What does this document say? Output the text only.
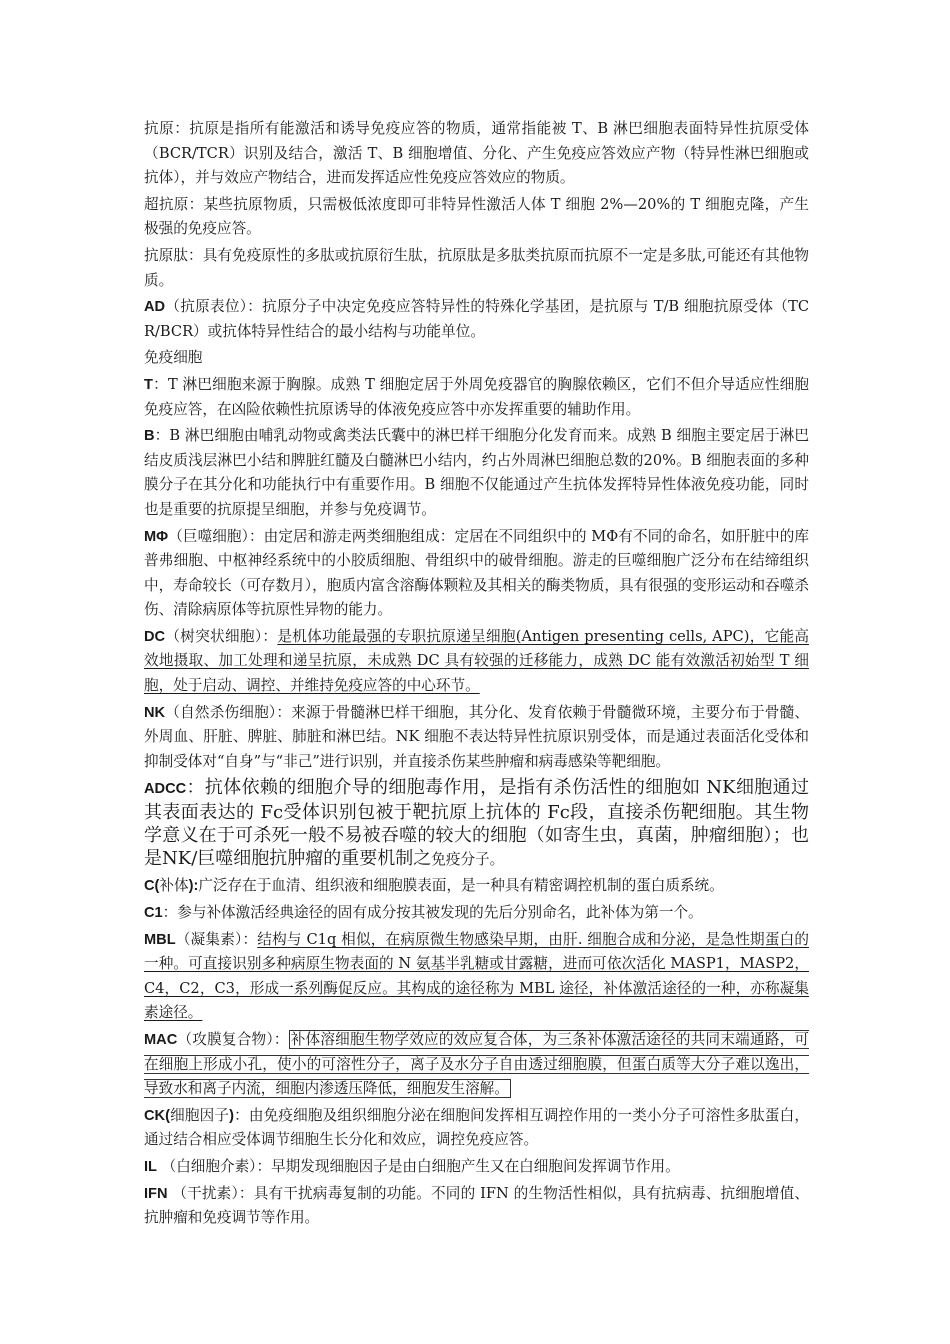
抗原：抗原是指所有能激活和诱导免疫应答的物质，通常指能被 T、B 淋巴细胞表面特异性抗原受体（BCR/TCR）识别及结合，激活 T、B 细胞增值、分化、产生免疫应答效应产物（特异性淋巴细胞或抗体），并与效应产物结合，进而发挥适应性免疫应答效应的物质。

超抗原：某些抗原物质，只需极低浓度即可非特异性激活人体 T 细胞 2%—20%的 T 细胞克隆，产生极强的免疫应答。

抗原肽：具有免疫原性的多肽或抗原衍生肽，抗原肽是多肽类抗原而抗原不一定是多肽,可能还有其他物质。

AD（抗原表位）：抗原分子中决定免疫应答特异性的特殊化学基团，是抗原与 T/B 细胞抗原受体（TCR/BCR）或抗体特异性结合的最小结构与功能单位。

免疫细胞

T：T 淋巴细胞来源于胸腺。成熟 T 细胞定居于外周免疫器官的胸腺依赖区，它们不但介导适应性细胞免疫应答，在凶险依赖性抗原诱导的体液免疫应答中亦发挥重要的辅助作用。

B：B 淋巴细胞由哺乳动物或禽类法氏囊中的淋巴样干细胞分化发育而来。成熟 B 细胞主要定居于淋巴结皮质浅层淋巴小结和脾脏红髓及白髓淋巴小结内，约占外周淋巴细胞总数的20%。B 细胞表面的多种膜分子在其分化和功能执行中有重要作用。B 细胞不仅能通过产生抗体发挥特异性体液免疫功能，同时也是重要的抗原提呈细胞，并参与免疫调节。

MΦ（巨噬细胞）：由定居和游走两类细胞组成：定居在不同组织中的 MΦ有不同的命名，如肝脏中的库普弗细胞、中枢神经系统中的小胶质细胞、骨组织中的破骨细胞。游走的巨噬细胞广泛分布在结缔组织中，寿命较长（可存数月），胞质内富含溶酶体颗粒及其相关的酶类物质，具有很强的变形运动和吞噬杀伤、清除病原体等抗原性异物的能力。

DC（树突状细胞）：是机体功能最强的专职抗原递呈细胞(Antigen presenting cells, APC)，它能高效地摄取、加工处理和递呈抗原，未成熟 DC 具有较强的迁移能力，成熟 DC 能有效激活初始型 T 细胞，处于启动、调控、并维持免疫应答的中心环节。

NK（自然杀伤细胞）：来源于骨髓淋巴样干细胞，其分化、发育依赖于骨髓微环境，主要分布于骨髓、外周血、肝脏、脾脏、肺脏和淋巴结。NK 细胞不表达特异性抗原识别受体，而是通过表面活化受体和抑制受体对“自身”与“非己”进行识别，并直接杀伤某些肿瘤和病毒感染等靶细胞。

ADCC：抗体依赖的细胞介导的细胞毒作用，是指有杀伤活性的细胞如 NK细胞通过其表面表达的 Fc受体识别包被于靶抗原上抗体的 Fc段，直接杀伤靶细胞。其生物学意义在于可杀死一般不易被吞噬的较大的细胞（如寄生虫，真菌，肿瘤细胞）；也是NK/巨噬细胞抗肿瘤的重要机制之免疫分子。

C(补体):广泛存在于血清、组织液和细胞膜表面，是一种具有精密调控机制的蛋白质系统。

C1：参与补体激活经典途径的固有成分按其被发现的先后分别命名，此补体为第一个。

MBL（凝集素）：结构与 C1q 相似，在病原微生物感染早期，由肝. 细胞合成和分泌，是急性期蛋白的一种。可直接识别多种病原生物表面的 N 氨基半乳糖或甘露糖，进而可依次活化 MASP1，MASP2，C4，C2，C3，形成一系列酶促反应。其构成的途径称为 MBL 途径，补体激活途径的一种，亦称凝集素途径。

MAC（攻膜复合物）： 补体溶细胞生物学效应的效应复合体，为三条补体激活途径的共同末端通路，可在细胞上形成小孔，使小的可溶性分子，离子及水分子自由透过细胞膜，但蛋白质等大分子难以逸出，导致水和离子内流，细胞内渗透压降低，细胞发生溶解。

CK(细胞因子)：由免疫细胞及组织细胞分泌在细胞间发挥相互调控作用的一类小分子可溶性多肽蛋白，通过结合相应受体调节细胞生长分化和效应，调控免疫应答。

IL （白细胞介素）：早期发现细胞因子是由白细胞产生又在白细胞间发挥调节作用。

IFN （干扰素）：具有干扰病毒复制的功能。不同的 IFN 的生物活性相似，具有抗病毒、抗细胞增值、抗肿瘤和免疫调节等作用。
